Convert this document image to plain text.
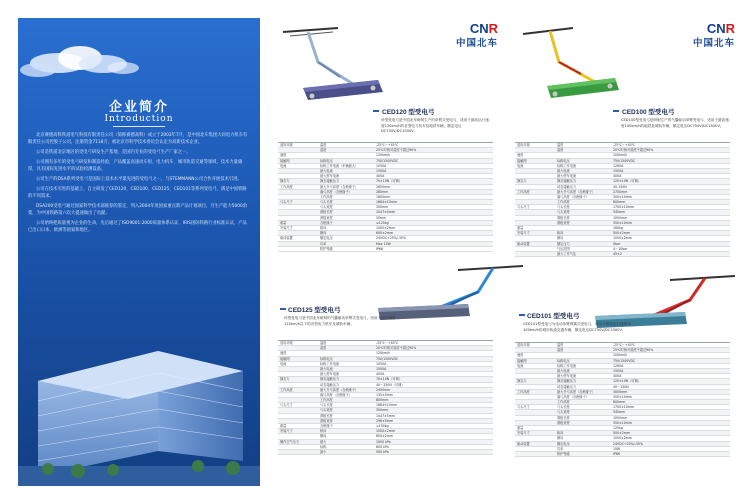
企业简介
Introduction

北京赛德高科铁道电气科技有限责任公司（简称赛德高科）成立于2003年7月，是中国北车集团大同电力机车有限责任公司控股子公司，注册资金7118万，被北京市科学技术委员会认定为高新技术企业。

公司是铁道北京地区的受电弓研发生产基地，是国内专业的受电弓生产厂家之一。

公司拥有多年的受电弓研发和制造经验，产品覆盖高速动车组、电力机车、城市轨道交通等领域，技术力量雄厚，具有国际先进水平的试验检测设备。

公司生产的DSA系列受电弓是国际上技术水平最先进的受电弓之一，与STEMMANN公司合作开展技术引进。

公司在技术引进的基础上，自主研发了CED120、CED100、CED125、CED101等系列受电弓，满足中国铁路的不同需求。

DSA200受电弓通过国家科学技术部推荐的鉴定，列入2004年度国家重点新产品计划项目，月生产能力5000余架，为中国铁路第六次大提速做出了贡献。

公司始终把质量视为企业的生命，先后通过了ISO9001:2000质量体系认证、IRIS国际铁路行业标准认证，产品已出口日本、欧洲等国家和地区。

CNR
中国北车
CED120 型受电弓
该型受电弓是中国北车研制生产的单臂式受电弓，适用于最高运行速度120km/h的各型电力机车及地铁车辆，额定电压DC750V/DC1500V。
适用环境	温度	-25℃～+45℃
湿度	25℃时相对湿度不超过90%
速度	120km/h
接触网	标称电压	750/1500VDC
电流	标称工作电流（车辆最大）	1050A
最大电流	1500A
最大停车电流	400A
静态力	静态接触压力	70±10N（可调）
工作高度	最大升弓高度（含绝缘子）	2600mm
落弓高度（含绝缘子）	280mm
工作高度	1600mm
弓头尺寸	弓头长度	1684±10mm
弓头宽度	300mm
滑板长度	1047±5mm
滑板宽度	35mm
重量	含绝缘子	≤125kg
安装尺寸	纵向	1000±2mm
横向	600±2mm
驱动装置	额定电压	24VDC+25%/-30%
功率	Max 15W
防护等级	IP66
CNR
中国北车
CED100 型受电弓
CED100型受电弓是研制生产的气囊驱动单臂受电弓，适用于最高速度100km/h的地铁及城轨车辆，额定电压DC750V/DC1500V。
适用环境	温度	-25℃～+45℃
湿度	20℃时相对湿度不超过90%
速度	100km/h
接触网	标称电压	750/1500VDC
电流	标称工作电流	1260A
最大电流	1500A
最大停车电流	400A
静态力	静态接触压力	120±10N（可调）
动态接触压力	40-150N
工作高度	最大升弓高度（含绝缘子）	2700mm
落弓高度（含绝缘子）	300±10mm
工作高度	800mm
弓头尺寸	弓头长度	1700±10mm
弓头宽度	345mm
滑板长度	1050mm
滑板宽度	350±10mm
重量	160kg
安装尺寸	纵向	500±2mm
横向	1000±2mm
驱动装置	额定压力	5bar
气压范围	4～10bar
最大工作气压	45±2
CED125 型受电弓
该型受电弓是中国北车研制的气囊驱动单臂式受电弓，适用于运行速度120km/h以下的各型电力机车及城轨车辆。
适用环境	温度	-25℃～+45℃
湿度	20℃时相对湿度不超过90%
速度	120km/h
接触网	标称电压	750/1500VDC
电流	标称工作电流	1050A
最大电流	1500A
最大停车电流	400A
静态力	静态接触压力	70±10N（可调）
动态接触压力	40～150N（可调）
工作高度	最大升弓高度（含绝缘子）	2450mm
落弓高度（含绝缘子）	135±5mm
工作高度	800mm
弓头尺寸	弓头长度	1684±10mm
弓头宽度	300mm
滑板长度	1047±5mm
滑板宽度	296±5mm
重量	含绝缘子	≤150kg
安装尺寸	纵向	1000±2mm
横向	800±2mm
操作空气压力	最大	1000 kPa
标称	800 kPa
最小	500 kPa
CED101 型受电弓
CED101型受电弓为电动单臂弹簧式受电弓，适用于最高运行速度为100km/h的城市轨道交通车辆，额定电压DC750V/DC1500V。
适用环境	温度	-25℃～+45℃
湿度	25℃时相对湿度不超过90%
速度	100km/h
接触网	标称电压	750/1500VDC
电流	标称工作电流	1260A
最大电流	1500A
最大停车电流	400A
静态力	静态接触压力	120±10N（可调）
动态接触压力	40～150N
工作高度	最大升弓高度（含绝缘子）	3000mm
落弓高度（含绝缘子）	300±10mm
工作高度	800mm
弓头尺寸	弓头长度	1700±10mm
弓头宽度	345mm
滑板长度	1050mm
滑板宽度	350±10mm
重量	125kg
安装尺寸	纵向	500±2mm
横向	1000±2mm
驱动装置	额定电压	24VDC+25%/-30%
功率	15W
防护等级	IP66
